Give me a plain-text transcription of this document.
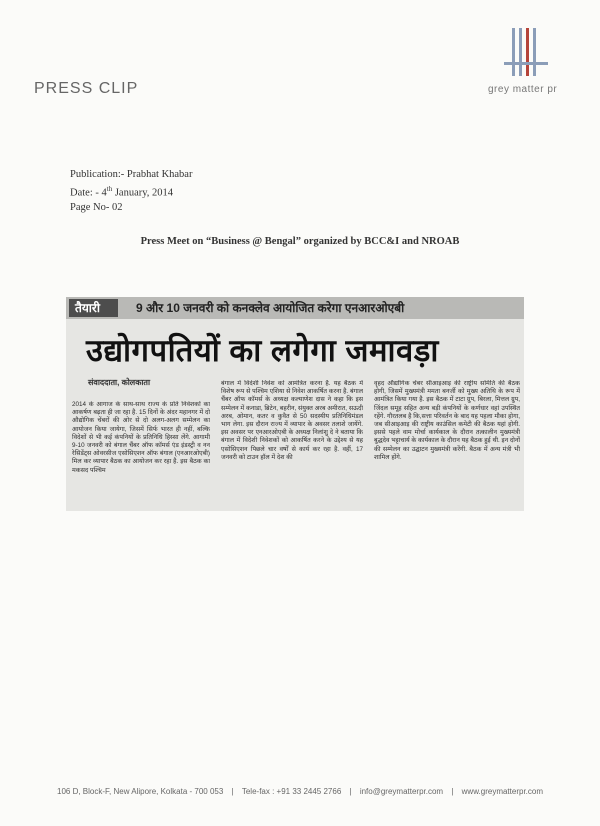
PRESS CLIP	grey matter pr
Publication:- Prabhat Khabar
Date: - 4th January, 2014
Page No- 02
Press Meet on “Business @ Bengal” organized by BCC&I and NROAB
तैयारी	9 और 10 जनवरी को कनक्लेव आयोजित करेगा एनआरओएबी
उद्योगपतियों का लगेगा जमावड़ा
संवाददाता, कोलकाता
2014 के आगाज के साथ-साथ राज्य के प्रति निवेशकों का आकर्षण बढ़ता ही जा रहा है. 15 दिनों के अंदर महानगर में दो औद्योगिक चेंबरों की ओर से दो अलग-अलग सम्मेलन का आयोजन किया जायेगा, जिसमें सिर्फ भारत ही नहीं, बल्कि विदेशों से भी कई कंपनियों के प्रतिनिधि हिस्सा लेंगे. आगामी 9-10 जनवरी को बंगाल चैंबर ऑफ कॉमर्स एंड इंडस्ट्री व नन रेसिडेंट्स ओवरसीज एसोसिएशन ऑफ बंगाल (एनआरओएबी) मिल कर व्यापार बैठक का आयोजन कर रहा है. इस बैठक का मकसद पश्चिम
बंगाल में विदेशी निवेश को आमंत्रित करना है. यह बैठक में विशेष रूप से पश्चिम एशिया से निवेश आकर्षित करना है. बंगाल चैंबर ऑफ कॉमर्स के अध्यक्ष कल्याणेश दास ने कहा कि इस सम्मेलन में कनाडा, ब्रिटेन, बहरीन, संयुक्त अरब अमीरात, सऊदी अरब, ओमान, कतर व कुवैत से 50 सदस्यीय प्रतिनिधिमंडल भाग लेगा. इस दौरान राज्य में व्यापार के अवसर तलाशे जायेंगे. इस अवसर पर एनआरओएबी के अध्यक्ष निलांशु दे ने बताया कि बंगाल में विदेशी निवेशकों को आकर्षित करने के उद्देश्य से यह एसोसिएशन पिछले चार वर्षों से कार्य कर रहा है. वहीं, 17 जनवरी को टाउन हॉल में देश की
वृहद औद्योगिक चेंबर सीआइआइ की राष्ट्रीय समिति की बैठक होगी, जिसमें मुख्यमंत्री ममता बनर्जी को मुख्य अतिथि के रूप में आमंत्रित किया गया है. इस बैठक में टाटा ग्रुप, बिरला, मित्तल ग्रुप, जिंदल समूह सहित अन्य बड़ी कंपनियों के कर्णधार वहां उपस्थित रहेंगे. गौरतलब है कि,सत्ता परिवर्तन के बाद यह पहला मौका होगा, जब सीआइआइ की राष्ट्रीय काउंसिल कमेटी की बैठक यहां होगी. इससे पहले वाम मोर्चा कार्यकाल के दौरान तत्कालीन मुख्यमंत्री बुद्धदेव भट्टाचार्य के कार्यकाल के दौरान यह बैठक हुई थी. इन दोनों की सम्मेलन का उद्घाटन मुख्यमंत्री करेंगी. बैठक में अन्य मंत्री भी शामिल होंगे.
106 D, Block-F, New Alipore, Kolkata - 700 053 | Tele-fax : +91 33 2445 2766 | info@greymatterpr.com | www.greymatterpr.com
